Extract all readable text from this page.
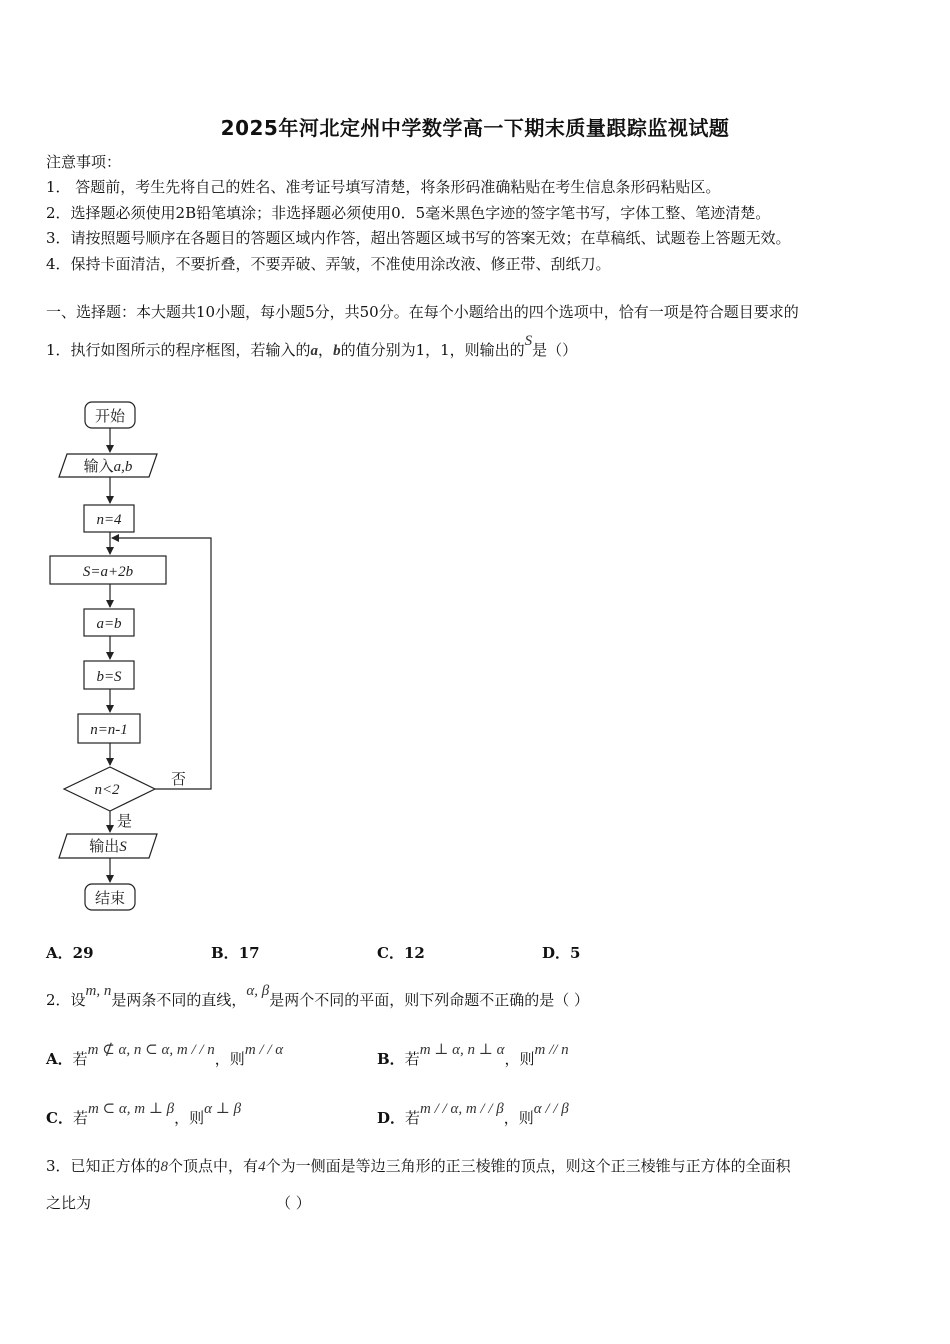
2025年河北定州中学数学高一下期末质量跟踪监视试题
注意事项：
1． 答题前，考生先将自己的姓名、准考证号填写清楚，将条形码准确粘贴在考生信息条形码粘贴区。
2．选择题必须使用2B铅笔填涂；非选择题必须使用0．5毫米黑色字迹的签字笔书写，字体工整、笔迹清楚。
3．请按照题号顺序在各题目的答题区域内作答，超出答题区域书写的答案无效；在草稿纸、试题卷上答题无效。
4．保持卡面清洁，不要折叠，不要弄破、弄皱，不准使用涂改液、修正带、刮纸刀。
一、选择题：本大题共10小题，每小题5分，共50分。在每个小题给出的四个选项中，恰有一项是符合题目要求的
1．执行如图所示的程序框图，若输入的a，b的值分别为1，1，则输出的S是（）
开始
输入a,b
n=4
S=a+2b
a=b
b=S
n=n-1
n<2
否
是
输出S
结束
A．29	B．17	C．12	D．5
2．设m, n是两条不同的直线，α, β是两个不同的平面，则下列命题不正确的是（ ）
A．若m ⊄ α, n ⊂ α, m / / n，则m / / α	B．若m ⊥ α, n ⊥ α，则m // n
C．若m ⊂ α, m ⊥ β，则α ⊥ β	D．若m / / α, m / / β，则α / / β
3．已知正方体的8个顶点中，有4个为一侧面是等边三角形的正三棱锥的顶点，则这个正三棱锥与正方体的全面积
之比为	（ ）
